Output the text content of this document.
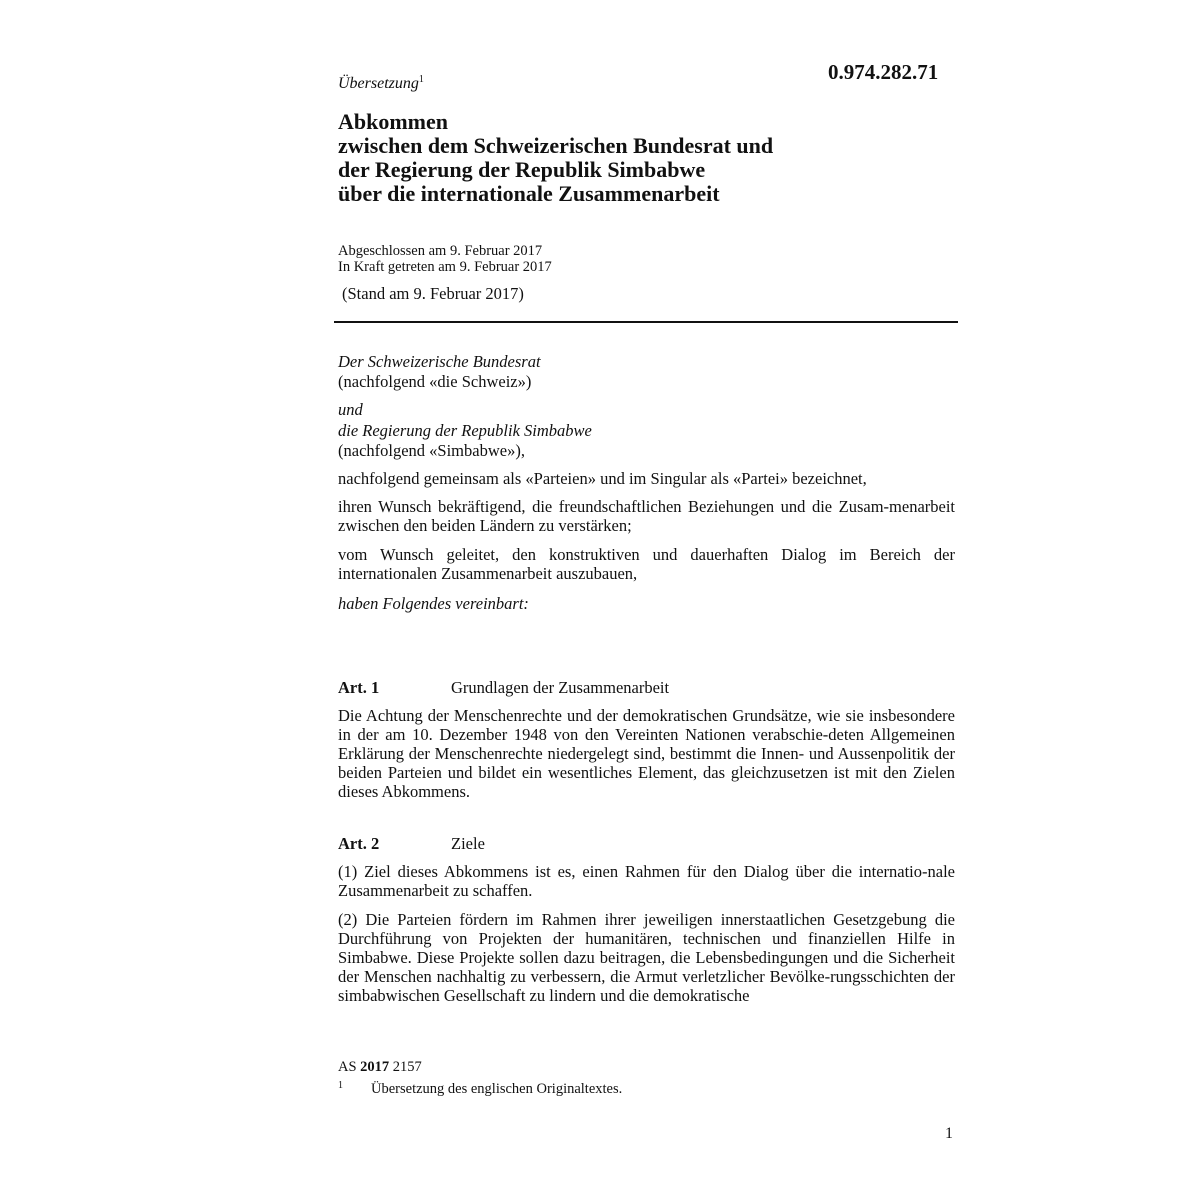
0.974.282.71
Übersetzung$^1$
Abkommen
zwischen dem Schweizerischen Bundesrat und
der Regierung der Republik Simbabwe
über die internationale Zusammenarbeit
Abgeschlossen am 9. Februar 2017
In Kraft getreten am 9. Februar 2017
(Stand am 9. Februar 2017)
Der Schweizerische Bundesrat
(nachfolgend «die Schweiz»)
und
die Regierung der Republik Simbabwe
(nachfolgend «Simbabwe»),
nachfolgend gemeinsam als «Parteien» und im Singular als «Partei» bezeichnet,
ihren Wunsch bekräftigend, die freundschaftlichen Beziehungen und die Zusam-menarbeit zwischen den beiden Ländern zu verstärken;
vom Wunsch geleitet, den konstruktiven und dauerhaften Dialog im Bereich der internationalen Zusammenarbeit auszubauen,
haben Folgendes vereinbart:
Art. 1	Grundlagen der Zusammenarbeit
Die Achtung der Menschenrechte und der demokratischen Grundsätze, wie sie insbesondere in der am 10. Dezember 1948 von den Vereinten Nationen verabschie-deten Allgemeinen Erklärung der Menschenrechte niedergelegt sind, bestimmt die Innen- und Aussenpolitik der beiden Parteien und bildet ein wesentliches Element, das gleichzusetzen ist mit den Zielen dieses Abkommens.
Art. 2	Ziele
(1) Ziel dieses Abkommens ist es, einen Rahmen für den Dialog über die internatio-nale Zusammenarbeit zu schaffen.
(2) Die Parteien fördern im Rahmen ihrer jeweiligen innerstaatlichen Gesetzgebung die Durchführung von Projekten der humanitären, technischen und finanziellen Hilfe in Simbabwe. Diese Projekte sollen dazu beitragen, die Lebensbedingungen und die Sicherheit der Menschen nachhaltig zu verbessern, die Armut verletzlicher Bevölke-rungsschichten der simbabwischen Gesellschaft zu lindern und die demokratische
AS 2017 2157
1 Übersetzung des englischen Originaltextes.
1
